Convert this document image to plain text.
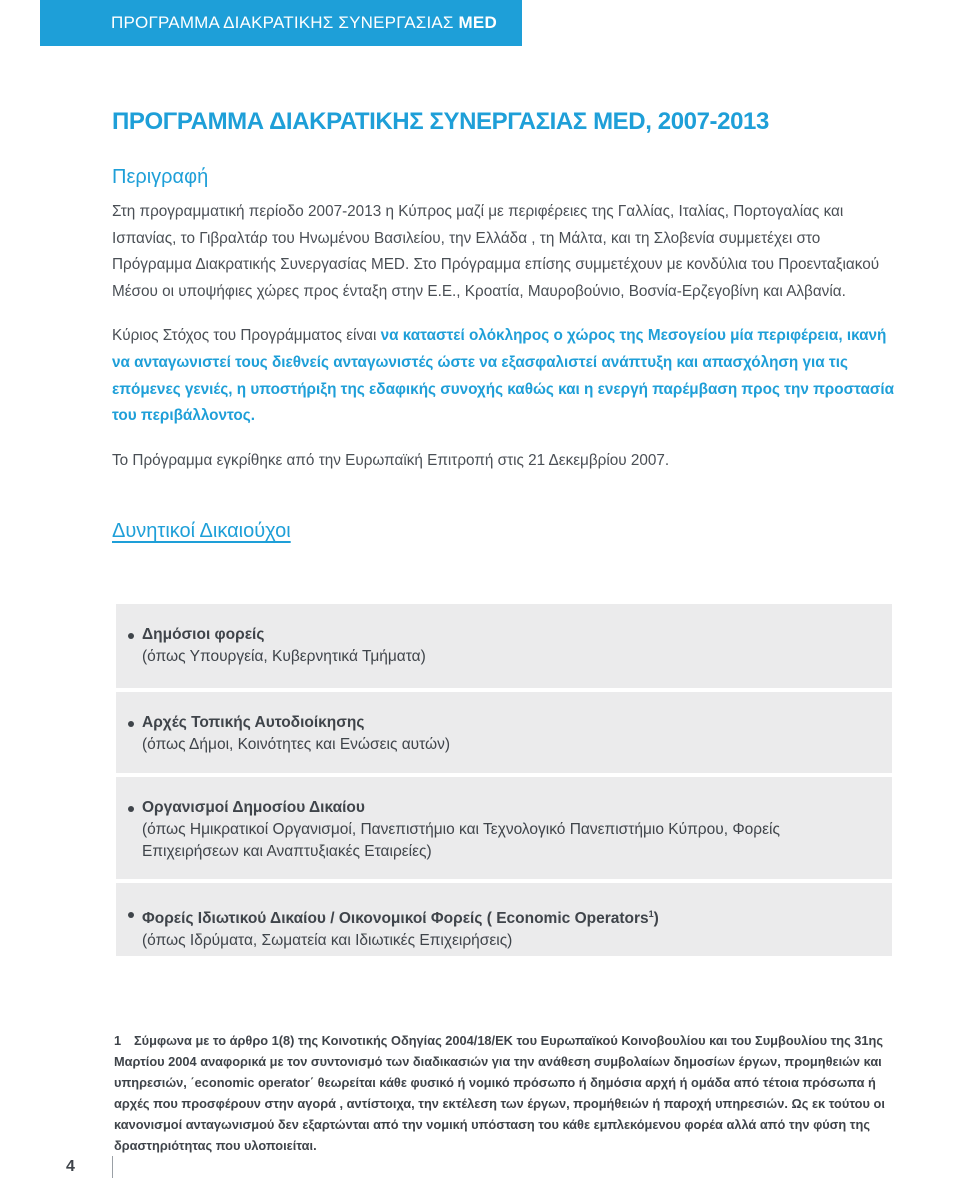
ΠΡΟΓΡΑΜΜΑ ΔΙΑΚΡΑΤΙΚΗΣ ΣΥΝΕΡΓΑΣΙΑΣ MED
ΠΡΟΓΡΑΜΜΑ ΔΙΑΚΡΑΤΙΚΗΣ ΣΥΝΕΡΓΑΣΙΑΣ MED, 2007-2013
Περιγραφή

Στη προγραμματική περίοδο 2007-2013 η Κύπρος μαζί με περιφέρειες της Γαλλίας, Ιταλίας, Πορτογαλίας και Ισπανίας, το Γιβραλτάρ του Ηνωμένου Βασιλείου, την Ελλάδα , τη Μάλτα, και τη Σλοβενία συμμετέχει στο Πρόγραμμα Διακρατικής Συνεργασίας MED. Στο Πρόγραμμα επίσης συμμετέχουν με κονδύλια του Προενταξιακού Μέσου οι υποψήφιες χώρες προς ένταξη στην Ε.Ε., Κροατία, Μαυροβούνιο, Βοσνία-Ερζεγοβίνη και Αλβανία.

Κύριος Στόχος του Προγράμματος είναι να καταστεί ολόκληρος ο χώρος της Μεσογείου μία περιφέρεια, ικανή να ανταγωνιστεί τους διεθνείς ανταγωνιστές ώστε να εξασφαλιστεί ανάπτυξη και απασχόληση για τις επόμενες γενιές, η υποστήριξη της εδαφικής συνοχής καθώς και η ενεργή παρέμβαση προς την προστασία του περιβάλλοντος.

Το Πρόγραμμα εγκρίθηκε από την Ευρωπαϊκή Επιτροπή στις 21 Δεκεμβρίου 2007.

Δυνητικοί Δικαιούχοι
Δημόσιοι φορείς
(όπως Υπουργεία, Κυβερνητικά Τμήματα)
Αρχές Τοπικής Αυτοδιοίκησης
(όπως Δήμοι, Κοινότητες και Ενώσεις αυτών)
Οργανισμοί Δημοσίου Δικαίου
(όπως Ημικρατικοί Οργανισμοί, Πανεπιστήμιο και Τεχνολογικό Πανεπιστήμιο Κύπρου, Φορείς Επιχειρήσεων και Αναπτυξιακές Εταιρείες)
Φορείς Ιδιωτικού Δικαίου / Οικονομικοί Φορείς ( Economic Operators$^1$)
(όπως Ιδρύματα, Σωματεία και Ιδιωτικές Επιχειρήσεις)
1 Σύμφωνα με το άρθρο 1(8) της Κοινοτικής Οδηγίας 2004/18/ΕΚ του Ευρωπαϊκού Κοινοβουλίου και του Συμβουλίου της 31ης Μαρτίου 2004 αναφορικά με τον συντονισμό των διαδικασιών για την ανάθεση συμβολαίων δημοσίων έργων, προμηθειών και υπηρεσιών, ΄economic operator΄ θεωρείται κάθε φυσικό ή νομικό πρόσωπο ή δημόσια αρχή ή ομάδα από τέτοια πρόσωπα ή αρχές που προσφέρουν στην αγορά , αντίστοιχα, την εκτέλεση των έργων, προμήθειών ή παροχή υπηρεσιών. Ως εκ τούτου οι κανονισμοί ανταγωνισμού δεν εξαρτώνται από την νομική υπόσταση του κάθε εμπλεκόμενου φορέα αλλά από την φύση της δραστηριότητας που υλοποιείται.
4
